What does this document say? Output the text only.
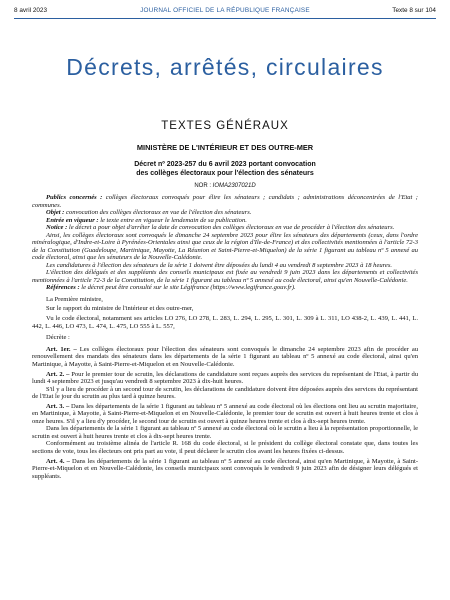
8 avril 2023	JOURNAL OFFICIEL DE LA RÉPUBLIQUE FRANÇAISE	Texte 8 sur 104
Décrets, arrêtés, circulaires
TEXTES GÉNÉRAUX
MINISTÈRE DE L'INTÉRIEUR ET DES OUTRE-MER
Décret nº 2023-257 du 6 avril 2023 portant convocation
des collèges électoraux pour l'élection des sénateurs
NOR : IOMA2307021D

Publics concernés : collèges électoraux convoqués pour élire les sénateurs ; candidats ; administrations déconcentrées de l'Etat ; communes.

Objet : convocation des collèges électoraux en vue de l'élection des sénateurs.

Entrée en vigueur : le texte entre en vigueur le lendemain de sa publication.

Notice : le décret a pour objet d'arrêter la date de convocation des collèges électoraux en vue de procéder à l'élection des sénateurs.

Ainsi, les collèges électoraux sont convoqués le dimanche 24 septembre 2023 pour élire les sénateurs des départements (ceux, dans l'ordre minéralogique, d'Indre-et-Loire à Pyrénées-Orientales ainsi que ceux de la région d'Ile-de-France) et des collectivités mentionnées à l'article 72-3 de la Constitution (Guadeloupe, Martinique, Mayotte, La Réunion et Saint-Pierre-et-Miquelon) de la série 1 figurant au tableau nº 5 annexé au code électoral, ainsi que les sénateurs de la Nouvelle-Calédonie.

Les candidatures à l'élection des sénateurs de la série 1 doivent être déposées du lundi 4 au vendredi 8 septembre 2023 à 18 heures.

L'élection des délégués et des suppléants des conseils municipaux est fixée au vendredi 9 juin 2023 dans les départements et collectivités mentionnées à l'article 72-3 de la Constitution, de la série 1 figurant au tableau nº 5 annexé au code électoral, ainsi qu'en Nouvelle-Calédonie.

Références : le décret peut être consulté sur le site Légifrance (https://www.legifrance.gouv.fr).

La Première ministre,

Sur le rapport du ministre de l'intérieur et des outre-mer,

Vu le code électoral, notamment ses articles LO 276, LO 278, L. 283, L. 294, L. 295, L. 301, L. 309 à L. 311, LO 438-2, L. 439, L. 441, L. 442, L. 446, LO 473, L. 474, L. 475, LO 555 à L. 557,

Décrète :

Art. 1er. – Les collèges électoraux pour l'élection des sénateurs sont convoqués le dimanche 24 septembre 2023 afin de procéder au renouvellement des mandats des sénateurs dans les départements de la série 1 figurant au tableau nº 5 annexé au code électoral, ainsi qu'en Martinique, à Mayotte, à Saint-Pierre-et-Miquelon et en Nouvelle-Calédonie.

Art. 2. – Pour le premier tour de scrutin, les déclarations de candidature sont reçues auprès des services du représentant de l'Etat, à partir du lundi 4 septembre 2023 et jusqu'au vendredi 8 septembre 2023 à dix-huit heures.

S'il y a lieu de procéder à un second tour de scrutin, les déclarations de candidature doivent être déposées auprès des services du représentant de l'Etat le jour du scrutin au plus tard à quinze heures.

Art. 3. – Dans les départements de la série 1 figurant au tableau nº 5 annexé au code électoral où les élections ont lieu au scrutin majoritaire, en Martinique, à Mayotte, à Saint-Pierre-et-Miquelon et en Nouvelle-Calédonie, le premier tour de scrutin est ouvert à huit heures trente et clos à onze heures. S'il y a lieu d'y procéder, le second tour de scrutin est ouvert à quinze heures trente et clos à dix-sept heures trente.

Dans les départements de la série 1 figurant au tableau nº 5 annexé au code électoral où le scrutin a lieu à la représentation proportionnelle, le scrutin est ouvert à huit heures trente et clos à dix-sept heures trente.

Conformément au troisième alinéa de l'article R. 168 du code électoral, si le président du collège électoral constate que, dans toutes les sections de vote, tous les électeurs ont pris part au vote, il peut déclarer le scrutin clos avant les heures fixées ci-dessus.

Art. 4. – Dans les départements de la série 1 figurant au tableau nº 5 annexé au code électoral, ainsi qu'en Martinique, à Mayotte, à Saint-Pierre-et-Miquelon et en Nouvelle-Calédonie, les conseils municipaux sont convoqués le vendredi 9 juin 2023 afin de désigner leurs délégués et suppléants.
